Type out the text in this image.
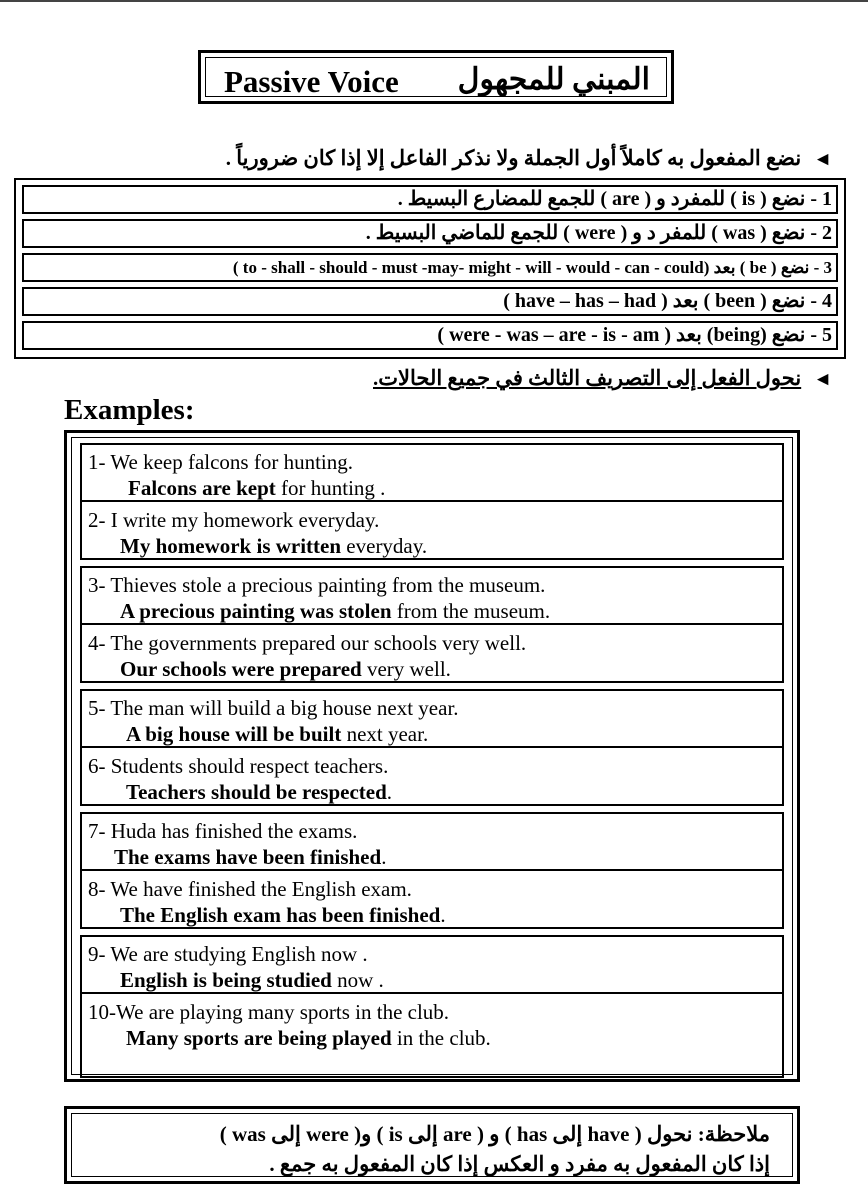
Passive Voice المبني للمجهول
◄نضع المفعول به كاملاً أول الجملة ولا نذكر الفاعل إلا إذا كان ضرورياً .
1 - نضع ( is ) للمفرد و ( are ) للجمع للمضارع البسيط .
2 - نضع ( was ) للمفر د و ( were ) للجمع للماضي البسيط .
3 - نضع ( be ) بعد (to - shall - should - must -may- might - will - would - can - could )
4 - نضع ( been ) بعد ( have – has – had )
5 - نضع (being) بعد ( were - was – are - is - am )
◄نحول الفعل إلى التصريف الثالث في جميع الحالات.
Examples:
1- We keep falcons for hunting.
Falcons are kept for hunting .
2- I write my homework everyday.
My homework is written everyday.
3- Thieves stole a precious painting from the museum.
A precious painting was stolen from the museum.
4- The governments prepared our schools very well.
Our schools were prepared very well.
5- The man will build a big house next year.
A big house will be built next year.
6- Students should respect teachers.
Teachers should be respected.
7- Huda has finished the exams.
The exams have been finished.
8- We have finished the English exam.
The English exam has been finished.
9- We are studying English now .
English is being studied now .
10-We are playing many sports in the club.
Many sports are being played in the club.
ملاحظة: نحول ( have إلى has ) و ( are إلى is ) و( were إلى was )
إذا كان المفعول به مفرد و العكس إذا كان المفعول به جمع .
